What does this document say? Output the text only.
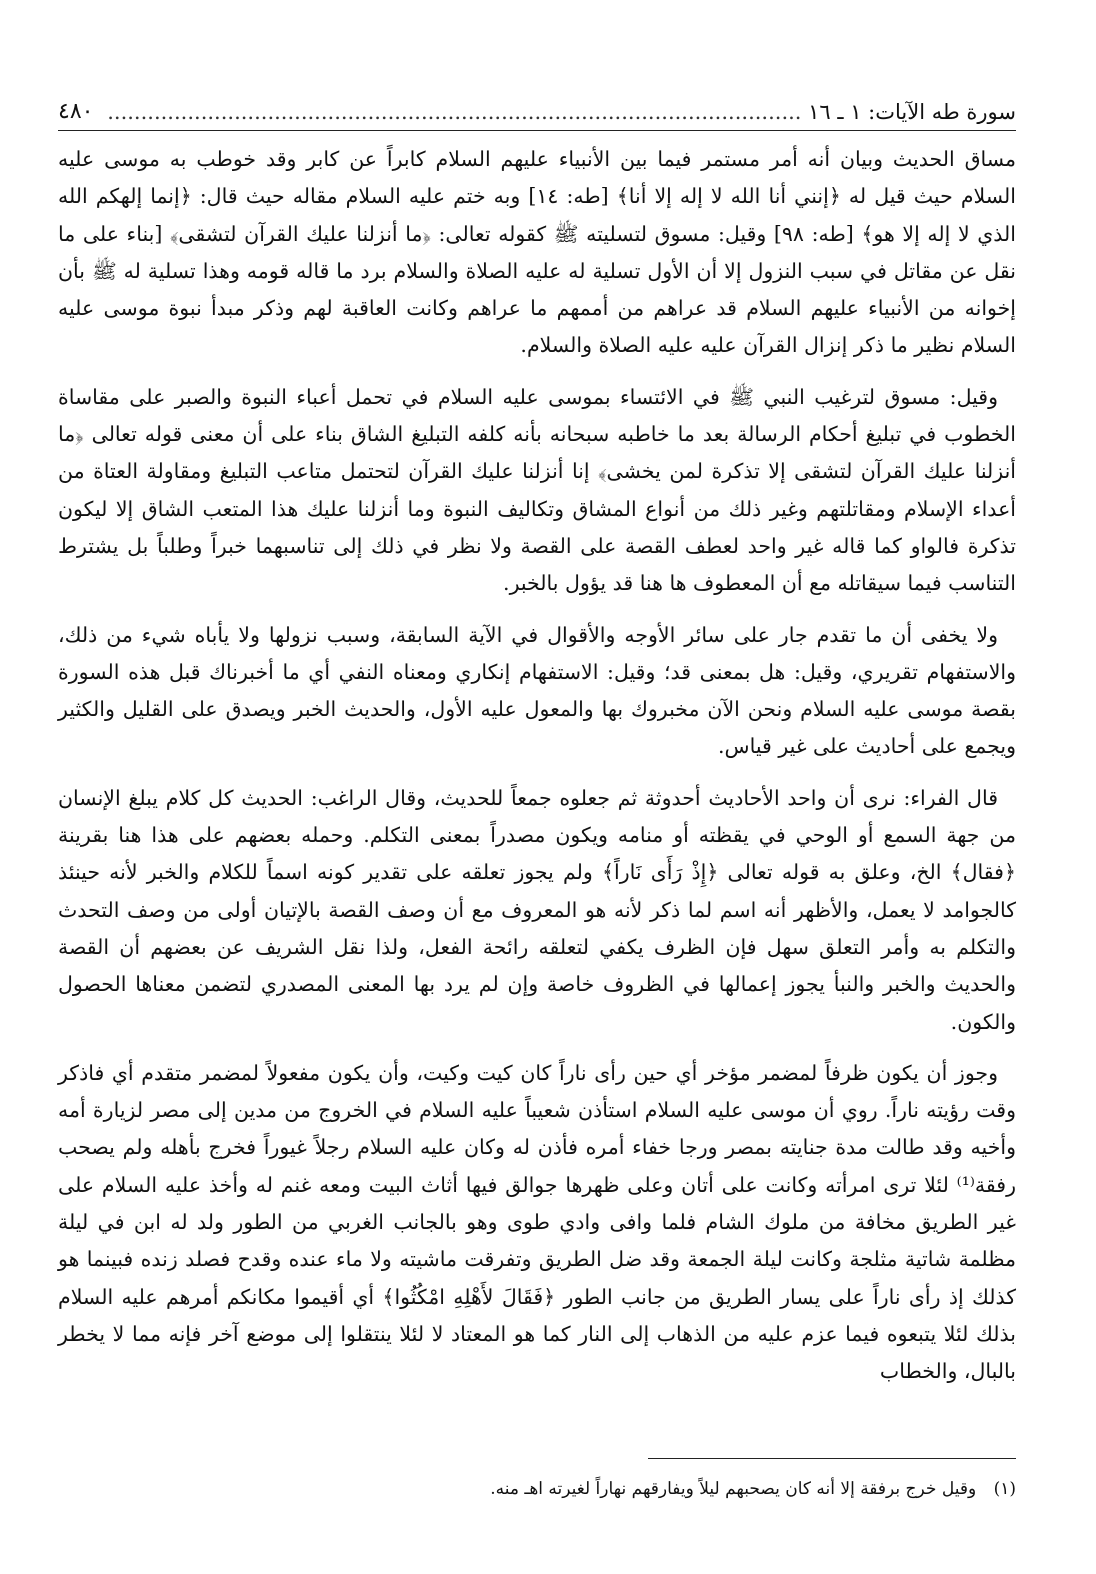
سورة طه الآيات: ١ ـ ١٦ .....
٤٨٠

مساق الحديث وبيان أنه أمر مستمر فيما بين الأنبياء عليهم السلام كابراً عن كابر وقد خوطب به موسى عليه السلام حيث قيل له ﴿إنني أنا الله لا إله إلا أنا﴾ [طه: ١٤] وبه ختم عليه السلام مقاله حيث قال: ﴿إنما إلهكم الله الذي لا إله إلا هو﴾ [طه: ٩٨] وقيل: مسوق لتسليته ﷺ كقوله تعالى: ﴿ما أنزلنا عليك القرآن لتشقى﴾ [بناء على ما نقل عن مقاتل في سبب النزول إلا أن الأول تسلية له عليه الصلاة والسلام برد ما قاله قومه وهذا تسلية له ﷺ بأن إخوانه من الأنبياء عليهم السلام قد عراهم من أممهم ما عراهم وكانت العاقبة لهم وذكر مبدأ نبوة موسى عليه السلام نظير ما ذكر إنزال القرآن عليه عليه الصلاة والسلام.

وقيل: مسوق لترغيب النبي ﷺ في الائتساء بموسى عليه السلام في تحمل أعباء النبوة والصبر على مقاساة الخطوب في تبليغ أحكام الرسالة بعد ما خاطبه سبحانه بأنه كلفه التبليغ الشاق بناء على أن معنى قوله تعالى ﴿ما أنزلنا عليك القرآن لتشقى إلا تذكرة لمن يخشى﴾ إنا أنزلنا عليك القرآن لتحتمل متاعب التبليغ ومقاولة العتاة من أعداء الإسلام ومقاتلتهم وغير ذلك من أنواع المشاق وتكاليف النبوة وما أنزلنا عليك هذا المتعب الشاق إلا ليكون تذكرة فالواو كما قاله غير واحد لعطف القصة على القصة ولا نظر في ذلك إلى تناسبهما خبراً وطلباً بل يشترط التناسب فيما سيقاتله مع أن المعطوف ها هنا قد يؤول بالخبر.

ولا يخفى أن ما تقدم جار على سائر الأوجه والأقوال في الآية السابقة، وسبب نزولها ولا يأباه شيء من ذلك، والاستفهام تقريري، وقيل: هل بمعنى قد؛ وقيل: الاستفهام إنكاري ومعناه النفي أي ما أخبرناك قبل هذه السورة بقصة موسى عليه السلام ونحن الآن مخبروك بها والمعول عليه الأول، والحديث الخبر ويصدق على القليل والكثير ويجمع على أحاديث على غير قياس.

قال الفراء: نرى أن واحد الأحاديث أحدوثة ثم جعلوه جمعاً للحديث، وقال الراغب: الحديث كل كلام يبلغ الإنسان من جهة السمع أو الوحي في يقظته أو منامه ويكون مصدراً بمعنى التكلم. وحمله بعضهم على هذا هنا بقرينة ﴿فقال﴾ الخ، وعلق به قوله تعالى ﴿إِذْ رَأَى نَاراً﴾ ولم يجوز تعلقه على تقدير كونه اسماً للكلام والخبر لأنه حينئذ كالجوامد لا يعمل، والأظهر أنه اسم لما ذكر لأنه هو المعروف مع أن وصف القصة بالإتيان أولى من وصف التحدث والتكلم به وأمر التعلق سهل فإن الظرف يكفي لتعلقه رائحة الفعل، ولذا نقل الشريف عن بعضهم أن القصة والحديث والخبر والنبأ يجوز إعمالها في الظروف خاصة وإن لم يرد بها المعنى المصدري لتضمن معناها الحصول والكون.

وجوز أن يكون ظرفاً لمضمر مؤخر أي حين رأى ناراً كان كيت وكيت، وأن يكون مفعولاً لمضمر متقدم أي فاذكر وقت رؤيته ناراً. روي أن موسى عليه السلام استأذن شعيباً عليه السلام في الخروج من مدين إلى مصر لزيارة أمه وأخيه وقد طالت مدة جنايته بمصر ورجا خفاء أمره فأذن له وكان عليه السلام رجلاً غيوراً فخرج بأهله ولم يصحب رفقة⁽¹⁾ لئلا ترى امرأته وكانت على أتان وعلى ظهرها جوالق فيها أثاث البيت ومعه غنم له وأخذ عليه السلام على غير الطريق مخافة من ملوك الشام فلما وافى وادي طوى وهو بالجانب الغربي من الطور ولد له ابن في ليلة مظلمة شاتية مثلجة وكانت ليلة الجمعة وقد ضل الطريق وتفرقت ماشيته ولا ماء عنده وقدح فصلد زنده فبينما هو كذلك إذ رأى ناراً على يسار الطريق من جانب الطور ﴿فَقَالَ لأَهْلِهِ امْكُثُوا﴾ أي أقيموا مكانكم أمرهم عليه السلام بذلك لئلا يتبعوه فيما عزم عليه من الذهاب إلى النار كما هو المعتاد لا لئلا ينتقلوا إلى موضع آخر فإنه مما لا يخطر بالبال، والخطاب

(١) وقيل خرج برفقة إلا أنه كان يصحبهم ليلاً ويفارقهم نهاراً لغيرته اهـ منه.
